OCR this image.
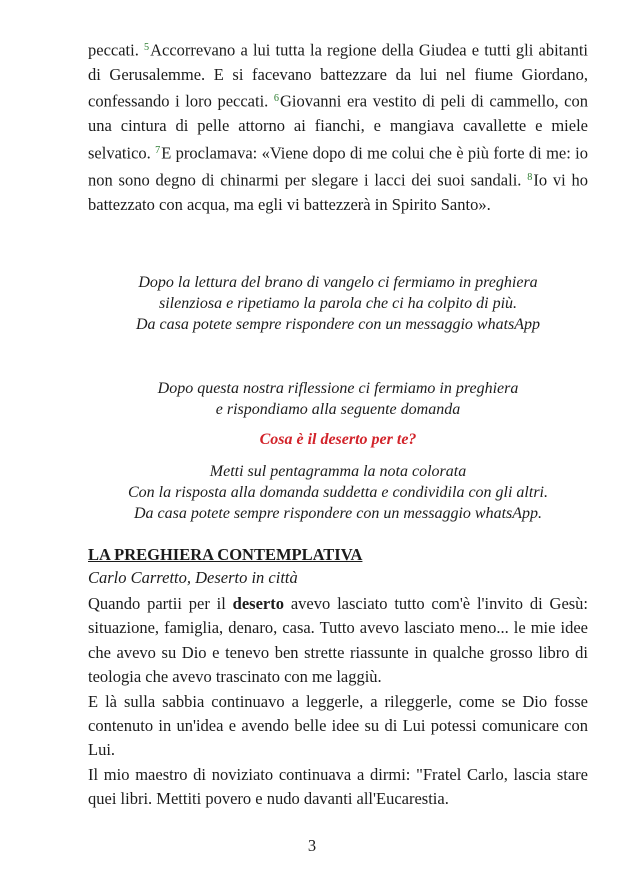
peccati. $^5$Accorrevano a lui tutta la regione della Giudea e tutti gli abitanti di Gerusalemme. E si facevano battezzare da lui nel fiume Giordano, confessando i loro peccati. $^6$Giovanni era vestito di peli di cammello, con una cintura di pelle attorno ai fianchi, e mangiava cavallette e miele selvatico. $^7$E proclamava: «Viene dopo di me colui che è più forte di me: io non sono degno di chinarmi per slegare i lacci dei suoi sandali. $^8$Io vi ho battezzato con acqua, ma egli vi battezzerà in Spirito Santo».
Dopo la lettura del brano di vangelo ci fermiamo in preghiera
silenziosa e ripetiamo la parola che ci ha colpito di più.
Da casa potete sempre rispondere con un messaggio whatsApp
Dopo questa nostra riflessione ci fermiamo in preghiera
e rispondiamo alla seguente domanda
Cosa è il deserto per te?
Metti sul pentagramma la nota colorata
Con la risposta alla domanda suddetta e condividila con gli altri.
Da casa potete sempre rispondere con un messaggio whatsApp.
LA PREGHIERA CONTEMPLATIVA
Carlo Carretto, Deserto in città
Quando partii per il deserto avevo lasciato tutto com'è l'invito di Gesù: situazione, famiglia, denaro, casa. Tutto avevo lasciato meno... le mie idee che avevo su Dio e tenevo ben strette riassunte in qualche grosso libro di teologia che avevo trascinato con me laggiù.
E là sulla sabbia continuavo a leggerle, a rileggerle, come se Dio fosse contenuto in un'idea e avendo belle idee su di Lui potessi comunicare con Lui.
Il mio maestro di noviziato continuava a dirmi: "Fratel Carlo, lascia stare quei libri. Mettiti povero e nudo davanti all'Eucarestia.
3
